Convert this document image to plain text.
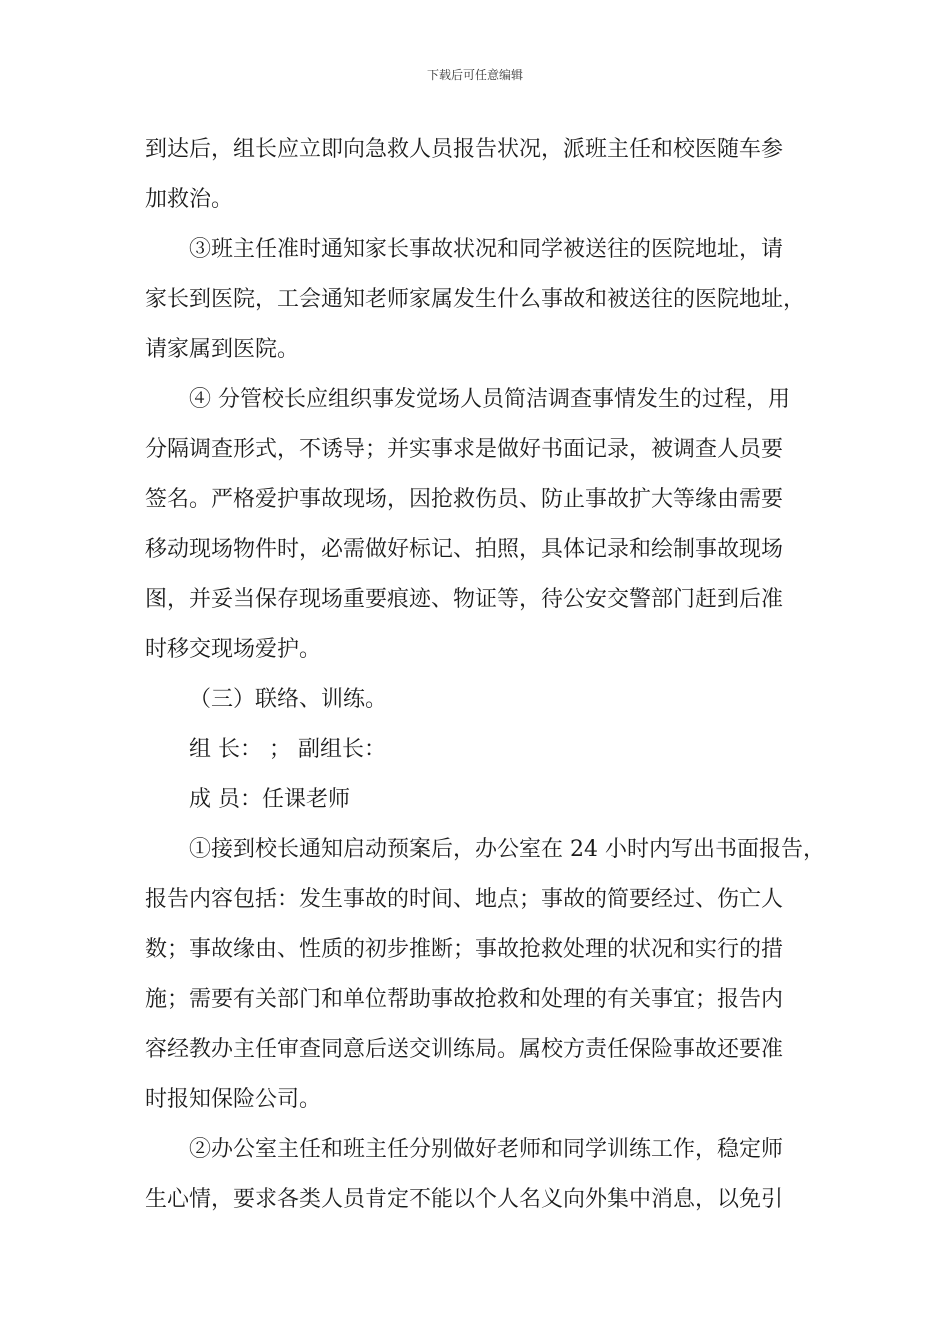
下载后可任意编辑
到达后，组长应立即向急救人员报告状况，派班主任和校医随车参
加救治。
③班主任准时通知家长事故状况和同学被送往的医院地址，请
家长到医院，工会通知老师家属发生什么事故和被送往的医院地址，
请家属到医院。
④ 分管校长应组织事发觉场人员简洁调查事情发生的过程，用
分隔调查形式，不诱导；并实事求是做好书面记录，被调查人员要
签名。严格爱护事故现场，因抢救伤员、防止事故扩大等缘由需要
移动现场物件时，必需做好标记、拍照，具体记录和绘制事故现场
图，并妥当保存现场重要痕迹、物证等，待公安交警部门赶到后准
时移交现场爱护。
（三）联络、训练。
组 长： ； 副组长：
成 员：任课老师
①接到校长通知启动预案后，办公室在 24 小时内写出书面报告，
报告内容包括：发生事故的时间、地点；事故的简要经过、伤亡人
数；事故缘由、性质的初步推断；事故抢救处理的状况和实行的措
施；需要有关部门和单位帮助事故抢救和处理的有关事宜；报告内
容经教办主任审查同意后送交训练局。属校方责任保险事故还要准
时报知保险公司。
②办公室主任和班主任分别做好老师和同学训练工作，稳定师
生心情，要求各类人员肯定不能以个人名义向外集中消息，以免引
